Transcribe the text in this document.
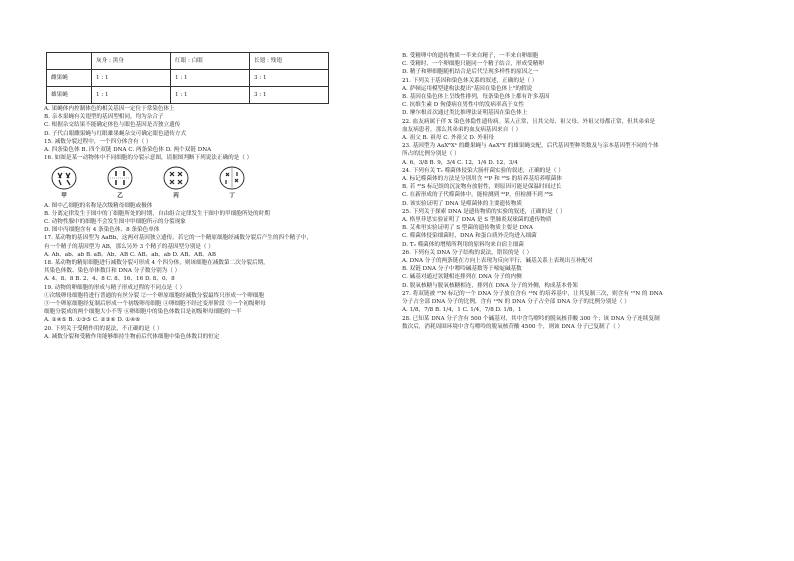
	灰身 : 黑身	红眼 : 白眼	长翅 : 残翅
雌果蝇	1 : 1	1 : 1	3 : 1
雄果蝇	1 : 1	1 : 1	3 : 1
A. 果蝇体内控制体色的相关基因一定位于常染色体上
B. 亲本果蝇有关翅型的基因型相同，均为杂合子
C. 根据杂交结果不能确定体色与眼色基因是否独立遗传
D. 子代白眼雌果蝇与红眼雄果蝇杂交可确定眼色遗传方式
15. 减数分裂过程中，一个四分体含有（ ）
A. 四条染色体 B. 四个双链 DNA C. 两条染色体 D. 两个双链 DNA
16. 如图是某一动物体中不同细胞的分裂示意图，请据图判断下列说法正确的是（ ）
甲	乙	丙	丁
A. 图中乙细胞的名称是次级精母细胞或极体
B. 分离定律发生于图中的丁细胞所处的时期，自由组合定律发生于图中的甲细胞所处的时期
C. 动物性腺中的细胞不会发生图中甲细胞所示的分裂现象
D. 图中丙细胞含有 4 条染色体、8 条染色单体
17. 某动物的基因型为 AaBb，这两对基因独立遗传。若它的一个精原细胞经减数分裂后产生的四个精子中，
有一个精子的基因型为 AB，那么另外 3 个精子的基因型分别是（ ）
A. Ab、ab、ab B. aB、Ab、AB C. AB、ab、ab D. AB、AB、AB
18. 某动物的精原细胞进行减数分裂可形成 4 个四分体，则该细胞在减数第二次分裂后期，
其染色体数、染色单体数目和 DNA 分子数分别为（ ）
A. 4、8、8 B. 2、4、8 C. 8、16、16 D. 8、0、8
19. 动物的卵细胞的形成与精子形成过程的不同点是（ ）
①次级卵母细胞将进行普通的有丝分裂 ②一个卵原细胞经减数分裂最终只形成一个卵细胞
③一个卵原细胞经复制后形成一个初级卵母细胞 ④卵细胞不经过变形阶段 ⑤一个初级卵母
细胞分裂成的两个细胞大小不等 ⑥卵细胞中的染色体数目是初级卵母细胞的一半
A. ②④⑤ B. ①③⑤ C. ②③⑥ D. ①④⑥
20. 下列关于受精作用的说法，不正确的是（ ）
A. 减数分裂和受精作用能够维持生物前后代体细胞中染色体数目的恒定
B. 受精卵中的遗传物质一半来自精子，一半来自卵细胞
C. 受精时，一个卵细胞只能同一个精子结合，形成受精卵
D. 精子和卵细胞随机结合是后代呈现多样性的原因之一
21. 下列关于基因和染色体关系的叙述，正确的是（ ）
A. 萨顿运用模型建构法提出"基因在染色体上"的假说
B. 基因在染色体上呈线性排列，每条染色体上都有许多基因
C. 抗维生素 D 佝偻病在男性中的发病率高于女性
D. 摩尔根首次通过类比推理法证明基因在染色体上
22. 血友病属于伴 X 染色体隐性遗传病。某人正常，且其父母、祖父母、外祖父母都正常，但其弟弟是
血友病患者，那么其弟弟的血友病基因来自（ ）
A. 祖父 B. 祖母 C. 外祖父 D. 外祖母
23. 基因型为 AaXᴮXᵇ 的雌果蝇与 AaXᵇY 的雄果蝇交配，后代基因型种类数及与亲本基因型不同的个体
所占的比例分别是（ ）
A. 6，3/8 B. 9，3/4 C. 12，1/4 D. 12，3/4
24. 下列有关 T₂ 噬菌体侵染大肠杆菌实验的叙述，正确的是（ ）
A. 标记噬菌体的方法是分别用含 ³²P 和 ³⁵S 的培养基培养噬菌体
B. 若 ³⁵S 标记组的沉淀物有放射性，则原因可能是保温时间过长
C. 在新形成的子代噬菌体中，能检测到 ³²P，但检测不到 ³⁵S
D. 该实验证明了 DNA 是噬菌体的主要遗传物质
25. 下列关于探索 DNA 是遗传物质的实验的叙述，正确的是（ ）
A. 格里菲思实验证明了 DNA 是 S 型肺炎双球菌的遗传物质
B. 艾弗里实验证明了 S 型菌的遗传物质主要是 DNA
C. 噬菌体侵染细菌时，DNA 和蛋白质外壳均进入细菌
D. T₂ 噬菌体的增殖所利用的原料均来自宿主细菌
26. 下列有关 DNA 分子结构的说法，错误的是（ ）
A. DNA 分子的两条链在方向上表现为反向平行，碱基关系上表现出互补配对
B. 双链 DNA 分子中嘌呤碱基数等于嘧啶碱基数
C. 碱基对通过氢键相连排列在 DNA 分子的内侧
D. 脱氧核糖与脱氧核糖相连，排列在 DNA 分子的外侧，构成基本骨架
27. 将双链被 ¹⁵N 标记的一个 DNA 分子放在含有 ¹⁴N 的培养基中，让其复制三次，则含有 ¹⁵N 的 DNA
分子占全部 DNA 分子的比例，含有 ¹⁴N 的 DNA 分子占全部 DNA 分子的比例分别是（ ）
A. 1/8，7/8 B. 1/4，1 C. 1/4，7/8 D. 1/8，1
28. 已知某 DNA 分子含有 500 个碱基对，其中含鸟嘌呤的脱氧核苷酸 300 个；该 DNA 分子连续复制
数次后，消耗周围环境中含鸟嘌呤的脱氧核苷酸 4500 个，则该 DNA 分子已复制了（ ）
